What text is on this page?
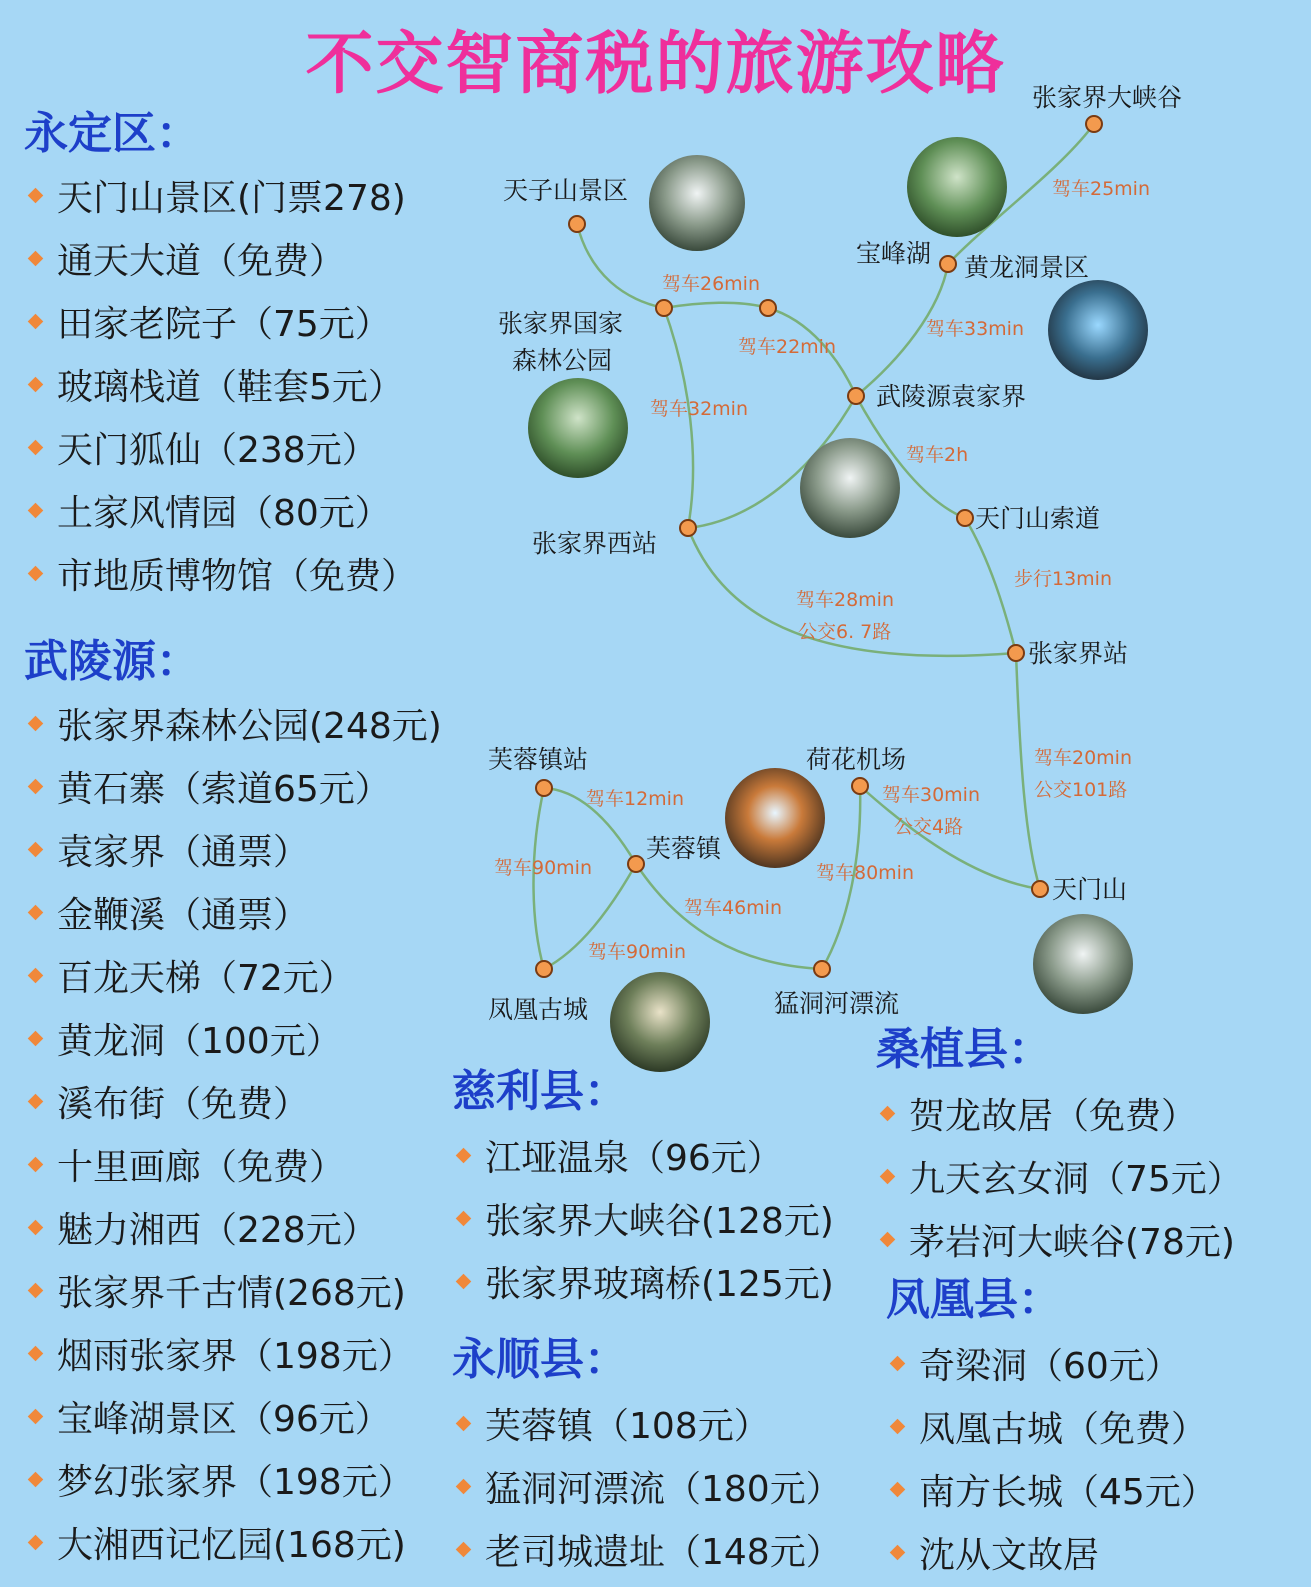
不交智商税的旅游攻略
永定区：
天门山景区(门票278)
通天大道（免费）
田家老院子（75元）
玻璃栈道（鞋套5元）
天门狐仙（238元）
土家风情园（80元）
市地质博物馆（免费）
武陵源：
张家界森林公园(248元)
黄石寨（索道65元）
袁家界（通票）
金鞭溪（通票）
百龙天梯（72元）
黄龙洞（100元）
溪布街（免费）
十里画廊（免费）
魅力湘西（228元）
张家界千古情(268元)
烟雨张家界（198元）
宝峰湖景区（96元）
梦幻张家界（198元）
大湘西记忆园(168元)
慈利县：
江垭温泉（96元）
张家界大峡谷(128元)
张家界玻璃桥(125元)
永顺县：
芙蓉镇（108元）
猛洞河漂流（180元）
老司城遗址（148元）
桑植县：
贺龙故居（免费）
九天玄女洞（75元）
茅岩河大峡谷(78元)
凤凰县：
奇梁洞（60元）
凤凰古城（免费）
南方长城（45元）
沈从文故居
天子山景区
张家界国家
森林公园
张家界大峡谷
宝峰湖 黄龙洞景区
武陵源袁家界
张家界西站
天门山索道
张家界站
芙蓉镇站	荷花机场
芙蓉镇
天门山
凤凰古城	猛洞河漂流
驾车25min
驾车26min
驾车33min
驾车22min
驾车32min
驾车2h
步行13min
驾车28min
公交6. 7路
驾车20min
公交101路
驾车12min	驾车30min
公交4路
驾车90min	驾车80min
驾车46min
驾车90min
